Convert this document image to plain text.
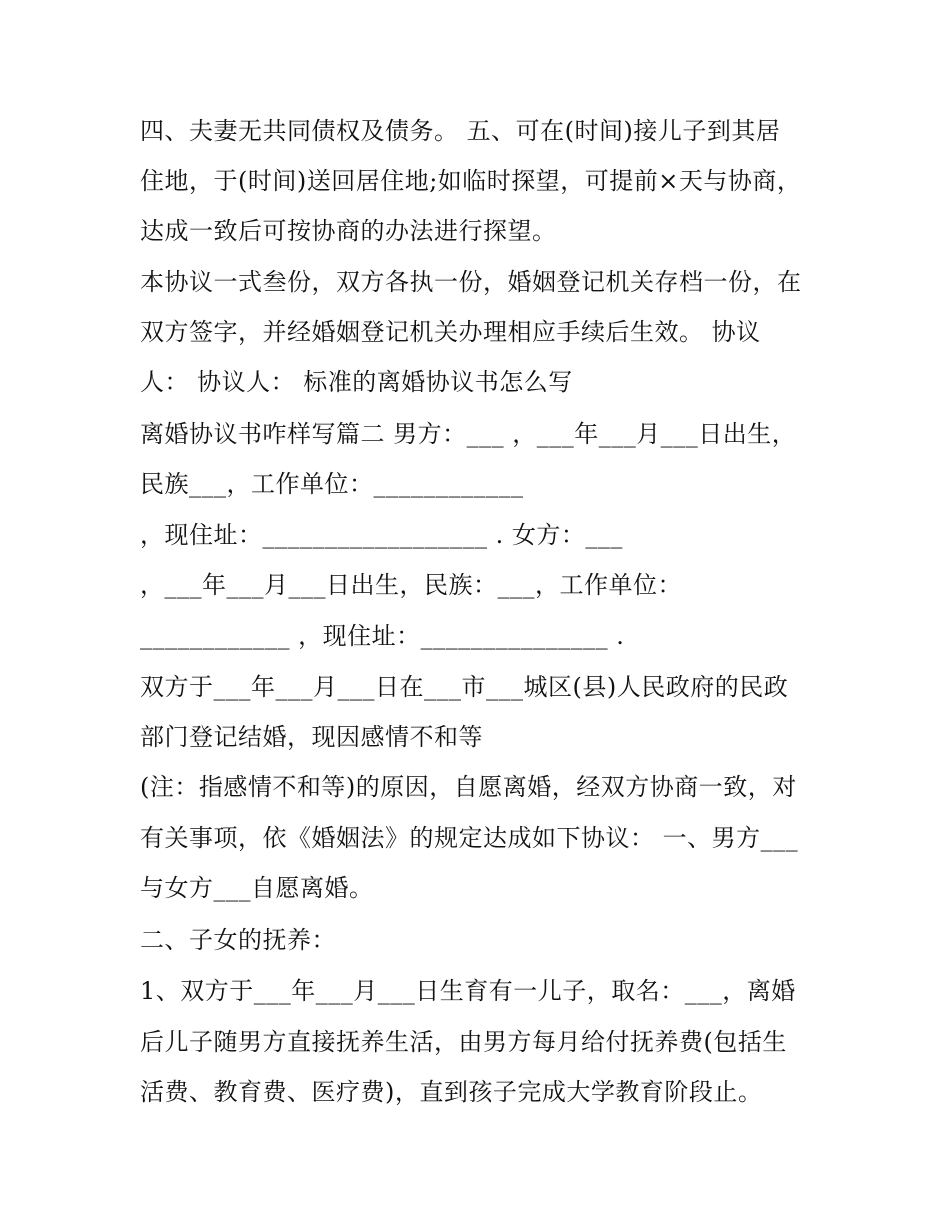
四、夫妻无共同债权及债务。 五、可在(时间)接儿子到其居
住地，于(时间)送回居住地;如临时探望，可提前×天与协商，
达成一致后可按协商的办法进行探望。
本协议一式叁份，双方各执一份，婚姻登记机关存档一份，在
双方签字，并经婚姻登记机关办理相应手续后生效。 协议
人： 协议人： 标准的离婚协议书怎么写
离婚协议书咋样写篇二 男方：___ ，___年___月___日出生，
民族___，工作单位：____________
，现住址：__________________ . 女方：___
，___年___月___日出生，民族：___，工作单位：
____________ ，现住址：_______________ .
双方于___年___月___日在___市___城区(县)人民政府的民政
部门登记结婚，现因感情不和等
(注：指感情不和等)的原因，自愿离婚，经双方协商一致，对
有关事项，依《婚姻法》的规定达成如下协议： 一、男方___
与女方___自愿离婚。
二、子女的抚养：
1、双方于___年___月___日生育有一儿子，取名：___，离婚
后儿子随男方直接抚养生活，由男方每月给付抚养费(包括生
活费、教育费、医疗费)，直到孩子完成大学教育阶段止。
